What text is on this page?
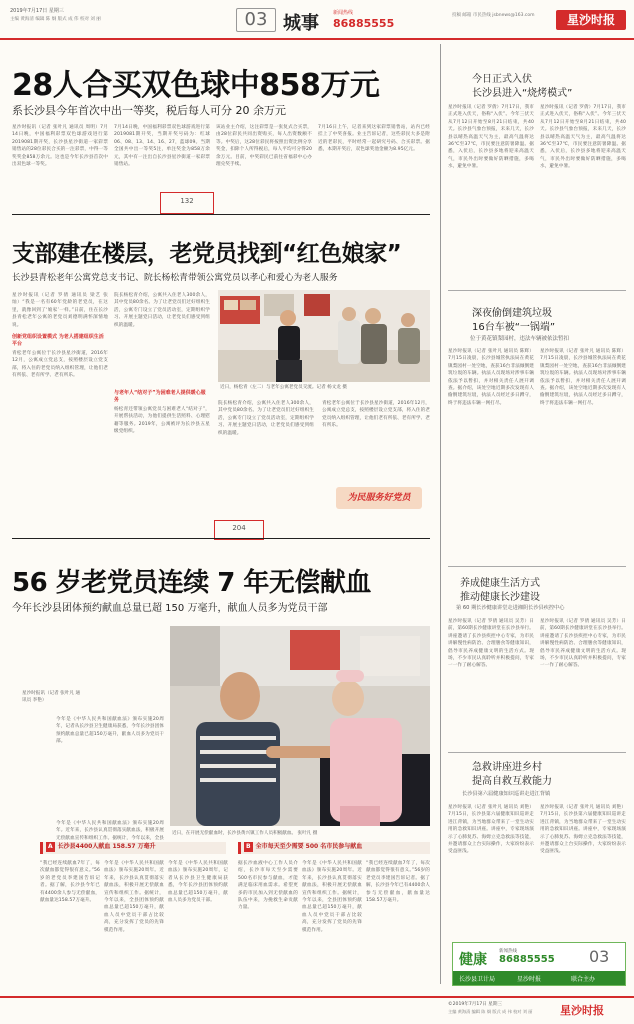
2019年7月17日 星期三
主编 黄海清 编辑 陈 炯 版式 成 伟 校对 刘 丽	03 城事	新闻热线
86885555
投稿 邮箱 市民热线 jsbnews@163.com	星沙时报
28人合买双色球中858万元
系长沙县今年首次中出一等奖，税后每人可分 20 余万元
星沙时报讯（记者 张叶凡 通讯员 周明）7月14日晚，中国福利彩票双色球游戏进行第2019081期开奖，长沙县星沙街道一家彩票销售站的28位彩民合买的一注彩票，中得一等奖奖金858万余元。这也是今年长沙县首次中出双色球一等奖。
7月14日晚，中国福利彩票双色球游戏进行第2019081期开奖，当期开奖号码为：红球06、08、13、14、16、27，蓝球09。当期全国共中出一等奖5注，单注奖金为858万余元，其中有一注出自长沙县星沙街道一家彩票销售站。
该站业主介绍，这注彩票是一张复式合买票，由28位彩民共同出资购买，每人出资数额不等。中奖后，这28位彩民将按照出资比例分享奖金，扣除个人所得税后，每人平均可分得20余万元。目前，中奖彩民已前往省福彩中心办理兑奖手续。
7月16日上午，记者来到这家彩票销售站，站内已经挂上了中奖喜报。业主告诉记者，这些彩民大多是附近的老彩民，平时经常一起研究号码、合买彩票。据悉，本期开奖后，双色球奖池金额为8.95亿元。
132
支部建在楼层，老党员找到“红色娘家”
长沙县青松老年公寓党总支书记、院长杨松青带领公寓党员以孝心和爱心为老人服务
星沙时报讯（记者 罗倩 通讯员 梁艺 张灿）“我是一名有60年党龄的老党员，在这里，就像回到了‘娘家’一样。”日前，住在长沙县青松老年公寓的老党员刘德明满怀深情地说。
创新党组织设置模式 为老人搭建组织生活平台
青松老年公寓位于长沙县星沙街道，2016年12月，公寓成立党总支，按照楼层设立党支部，将入住的老党员纳入组织管理，让他们老有所依、老有所学、老有所乐。
院长杨松青介绍，公寓共入住老人300余人，其中党员80余名。为了让老党员们过好组织生活，公寓专门设立了党员活动室，定期组织学习、开展主题党日活动，让老党员们感受到组织的温暖。
与老年人“结对子”为困难老人提供暖心服务
杨松青还带领公寓党员与困难老人“结对子”，开展帮扶活动，为他们提供生活照料、心理慰藉等服务。2019年，公寓被评为长沙县五星级党组织。
近日，杨松青（左二）与老年公寓老党员交流。记者 杨文龙 摄
院长杨松青介绍，公寓共入住老人300余人，其中党员80余名。为了让老党员们过好组织生活，公寓专门设立了党员活动室，定期组织学习、开展主题党日活动，让老党员们感受到组织的温暖。
青松老年公寓位于长沙县星沙街道，2016年12月，公寓成立党总支，按照楼层设立党支部，将入住的老党员纳入组织管理，让他们老有所依、老有所学、老有所乐。
为民服务好党员
204
56 岁老党员连续 7 年无偿献血
今年长沙县团体预约献血总量已超 150 万毫升，献血人员多为党员干部
星沙时报讯（记者 张叶凡 通讯员 李艳）
今年是《中华人民共和国献血法》颁布实施20周年，记者从长沙县卫生健康局获悉，今年长沙县团体预约献血总量已超150万毫升，献血人员多为党员干部。
近日，在开展无偿献血时，长沙县黄兴镇工作人员积极献血。 张叶凡 摄
今年是《中华人民共和国献血法》颁布实施20周年。近年来，长沙县认真贯彻落实献血法，积极开展无偿献血宣传和组织工作。据统计，今年以来，全县
A 长沙县4400人献血 158.57 万毫升	B 全市每天至少需要 500 名市民参与献血
“我已经连续献血7年了，每次献血都觉得很有意义。”56岁的老党员李建国告诉记者。据了解，长沙县今年已有4400余人参与无偿献血，献血量达158.57万毫升。
今年是《中华人民共和国献血法》颁布实施20周年。近年来，长沙县认真贯彻落实献血法，积极开展无偿献血宣传和组织工作。据统计，今年以来，全县团体预约献血总量已超150万毫升，献血人员中党员干部占比较高，充分发挥了党员的先锋模范作用。
今年是《中华人民共和国献血法》颁布实施20周年，记者从长沙县卫生健康局获悉，今年长沙县团体预约献血总量已超150万毫升，献血人员多为党员干部。
据长沙血液中心工作人员介绍，长沙市每天至少需要500名市民参与献血，才能满足临床用血需求。希望更多的市民加入到无偿献血的队伍中来，为挽救生命贡献力量。
今年是《中华人民共和国献血法》颁布实施20周年。近年来，长沙县认真贯彻落实献血法，积极开展无偿献血宣传和组织工作。据统计，今年以来，全县团体预约献血总量已超150万毫升，献血人员中党员干部占比较高，充分发挥了党员的先锋模范作用。
“我已经连续献血7年了，每次献血都觉得很有意义。”56岁的老党员李建国告诉记者。据了解，长沙县今年已有4400余人参与无偿献血，献血量达158.57万毫升。
今日正式入伏
长沙县进入“烧烤模式”
星沙时报讯（记者 罗倩）7月17日，我市正式进入伏天，俗称“入伏”。今年三伏天从7月12日开始至8月21日结束，共40天。长沙县气象台预报，未来几天，长沙县以晴热高温天气为主，最高气温将达36℃至37℃，市民要注意防暑降温。据悉，入伏后，长沙县多地将迎来高温天气，市民外出时要做好防晒措施，多喝水，避免中暑。
星沙时报讯（记者 罗倩）7月17日，我市正式进入伏天，俗称“入伏”。今年三伏天从7月12日开始至8月21日结束，共40天。长沙县气象台预报，未来几天，长沙县以晴热高温天气为主，最高气温将达36℃至37℃，市民要注意防暑降温。据悉，入伏后，长沙县多地将迎来高温天气，市民外出时要做好防晒措施，多喝水，避免中暑。
深夜偷倒建筑垃圾
16台车被“一锅端”
位于黄花镇梨园村，违法车辆被依法暂扣
星沙时报讯（记者 张叶凡 通讯员 陈辉）7月15日凌晨，长沙县城管执法局在黄花镇梨园村一处空地，查获16台非法倾倒建筑垃圾的车辆。执法人员现场对涉事车辆依法予以暂扣，并对相关责任人展开调查。据介绍，该处空地近期多次发现有人偷倒建筑垃圾，执法人员经过多日蹲守，终于将违法车辆一网打尽。
星沙时报讯（记者 张叶凡 通讯员 陈辉）7月15日凌晨，长沙县城管执法局在黄花镇梨园村一处空地，查获16台非法倾倒建筑垃圾的车辆。执法人员现场对涉事车辆依法予以暂扣，并对相关责任人展开调查。据介绍，该处空地近期多次发现有人偷倒建筑垃圾，执法人员经过多日蹲守，终于将违法车辆一网打尽。
养成健康生活方式
推动健康长沙建设
第 60 期长沙健康讲堂走进湘阴长沙县疾控中心
星沙时报讯（记者 罗倩 通讯员 吴芳）日前，第60期长沙健康讲堂在长沙县举行。讲座邀请了长沙县疾控中心专家，为市民讲解慢性病防治、合理膳食等健康知识，倡导市民养成健康文明的生活方式。现场，不少市民认真聆听并积极提问，专家一一作了耐心解答。
星沙时报讯（记者 罗倩 通讯员 吴芳）日前，第60期长沙健康讲堂在长沙县举行。讲座邀请了长沙县疾控中心专家，为市民讲解慢性病防治、合理膳食等健康知识，倡导市民养成健康文明的生活方式。现场，不少市民认真聆听并积极提问，专家一一作了耐心解答。
急救讲座进乡村
提高自救互救能力
长沙县第六届健康知识巡讲走进江背镇
星沙时报讯（记者 张叶凡 通讯员 刘艳）7月15日，长沙县第六届健康知识巡讲走进江背镇，为当地群众带来了一堂生动实用的急救知识讲座。讲座中，专家现场演示了心肺复苏、海姆立克急救法等技能，并邀请群众上台实际操作，大家纷纷表示受益匪浅。
星沙时报讯（记者 张叶凡 通讯员 刘艳）7月15日，长沙县第六届健康知识巡讲走进江背镇，为当地群众带来了一堂生动实用的急救知识讲座。讲座中，专家现场演示了心肺复苏、海姆立克急救法等技能，并邀请群众上台实际操作，大家纷纷表示受益匪浅。
健康
新闻热线
86885555 03
长沙县卫计局	星沙时报	联合主办
©2019年7月17日 星期三
主编 黄海清 编辑 陈 炯 版式 成 伟 校对 刘 丽	星沙时报
